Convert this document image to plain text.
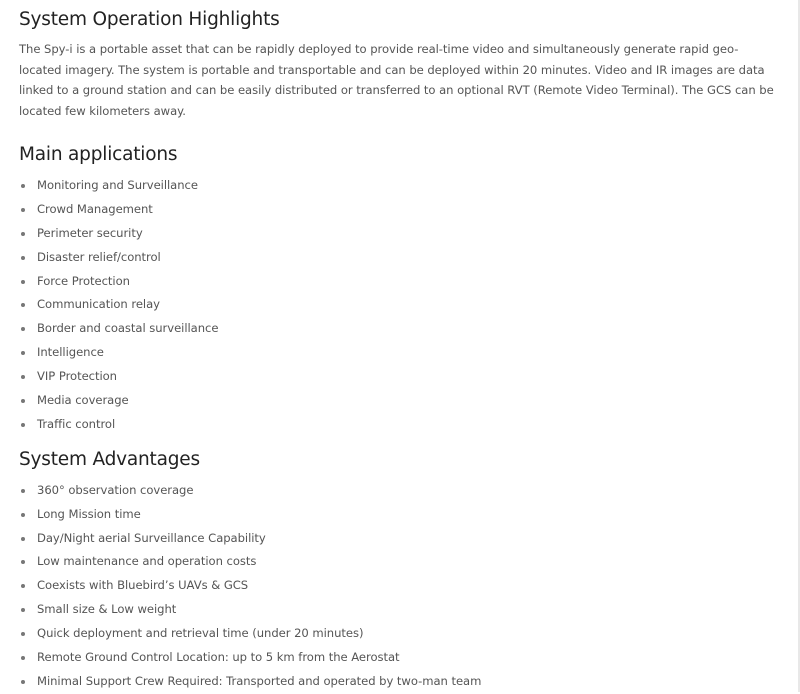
System Operation Highlights

The Spy-i is a portable asset that can be rapidly deployed to provide real-time video and simultaneously generate rapid geo-located imagery. The system is portable and transportable and can be deployed within 20 minutes. Video and IR images are data linked to a ground station and can be easily distributed or transferred to an optional RVT (Remote Video Terminal). The GCS can be located few kilometers away.

Main applications
Monitoring and Surveillance
Crowd Management
Perimeter security
Disaster relief/control
Force Protection
Communication relay
Border and coastal surveillance
Intelligence
VIP Protection
Media coverage
Traffic control
System Advantages
360° observation coverage
Long Mission time
Day/Night aerial Surveillance Capability
Low maintenance and operation costs
Coexists with Bluebird’s UAVs & GCS
Small size & Low weight
Quick deployment and retrieval time (under 20 minutes)
Remote Ground Control Location: up to 5 km from the Aerostat
Minimal Support Crew Required: Transported and operated by two-man team
